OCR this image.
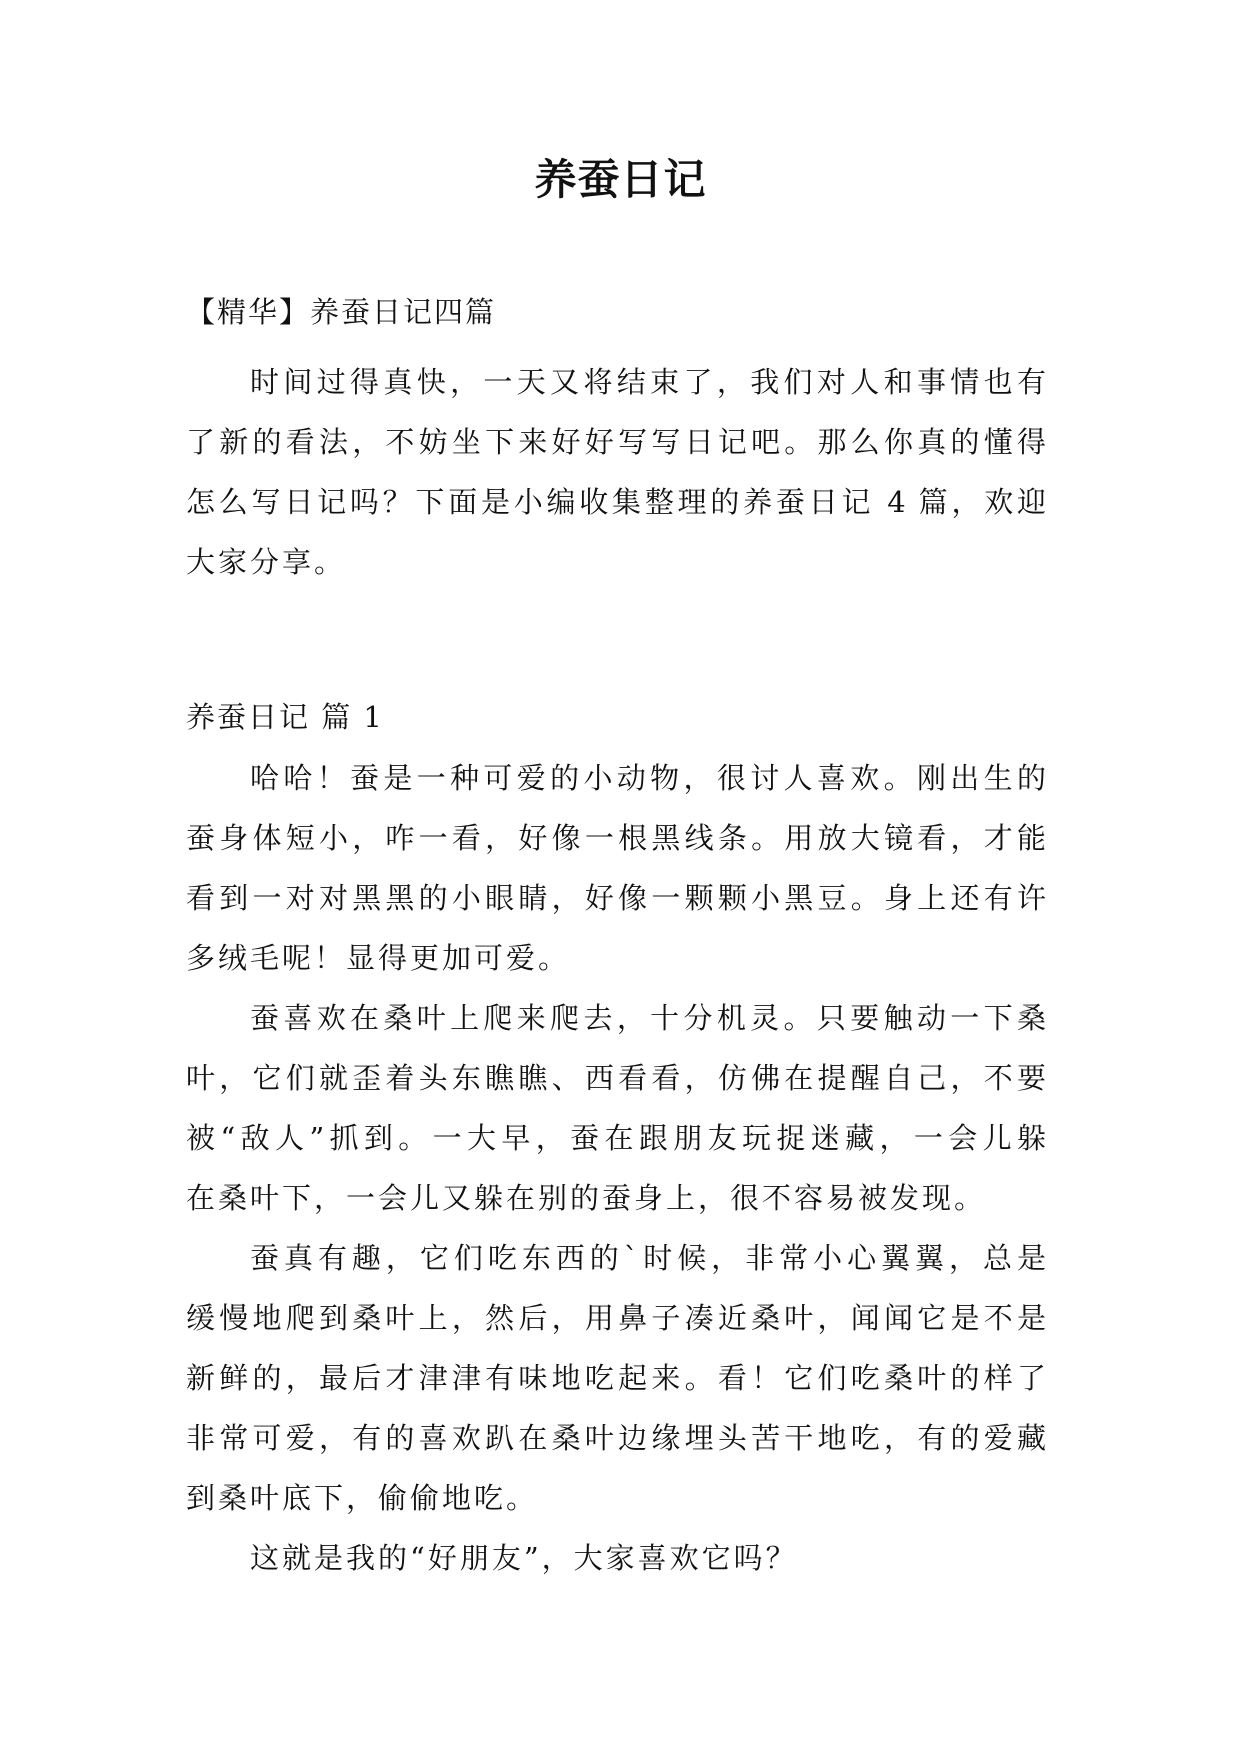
养蚕日记
【精华】养蚕日记四篇
时间过得真快，一天又将结束了，我们对人和事情也有
了新的看法，不妨坐下来好好写写日记吧。那么你真的懂得
怎么写日记吗？下面是小编收集整理的养蚕日记 4 篇，欢迎
大家分享。
养蚕日记 篇 1
哈哈！蚕是一种可爱的小动物，很讨人喜欢。刚出生的
蚕身体短小，咋一看，好像一根黑线条。用放大镜看，才能
看到一对对黑黑的小眼睛，好像一颗颗小黑豆。身上还有许
多绒毛呢！显得更加可爱。
蚕喜欢在桑叶上爬来爬去，十分机灵。只要触动一下桑
叶，它们就歪着头东瞧瞧、西看看，仿佛在提醒自己，不要
被“敌人”抓到。一大早，蚕在跟朋友玩捉迷藏，一会儿躲
在桑叶下，一会儿又躲在别的蚕身上，很不容易被发现。
蚕真有趣，它们吃东西的`时候，非常小心翼翼，总是
缓慢地爬到桑叶上，然后，用鼻子凑近桑叶，闻闻它是不是
新鲜的，最后才津津有味地吃起来。看！它们吃桑叶的样了
非常可爱，有的喜欢趴在桑叶边缘埋头苦干地吃，有的爱藏
到桑叶底下，偷偷地吃。
这就是我的“好朋友”，大家喜欢它吗？
